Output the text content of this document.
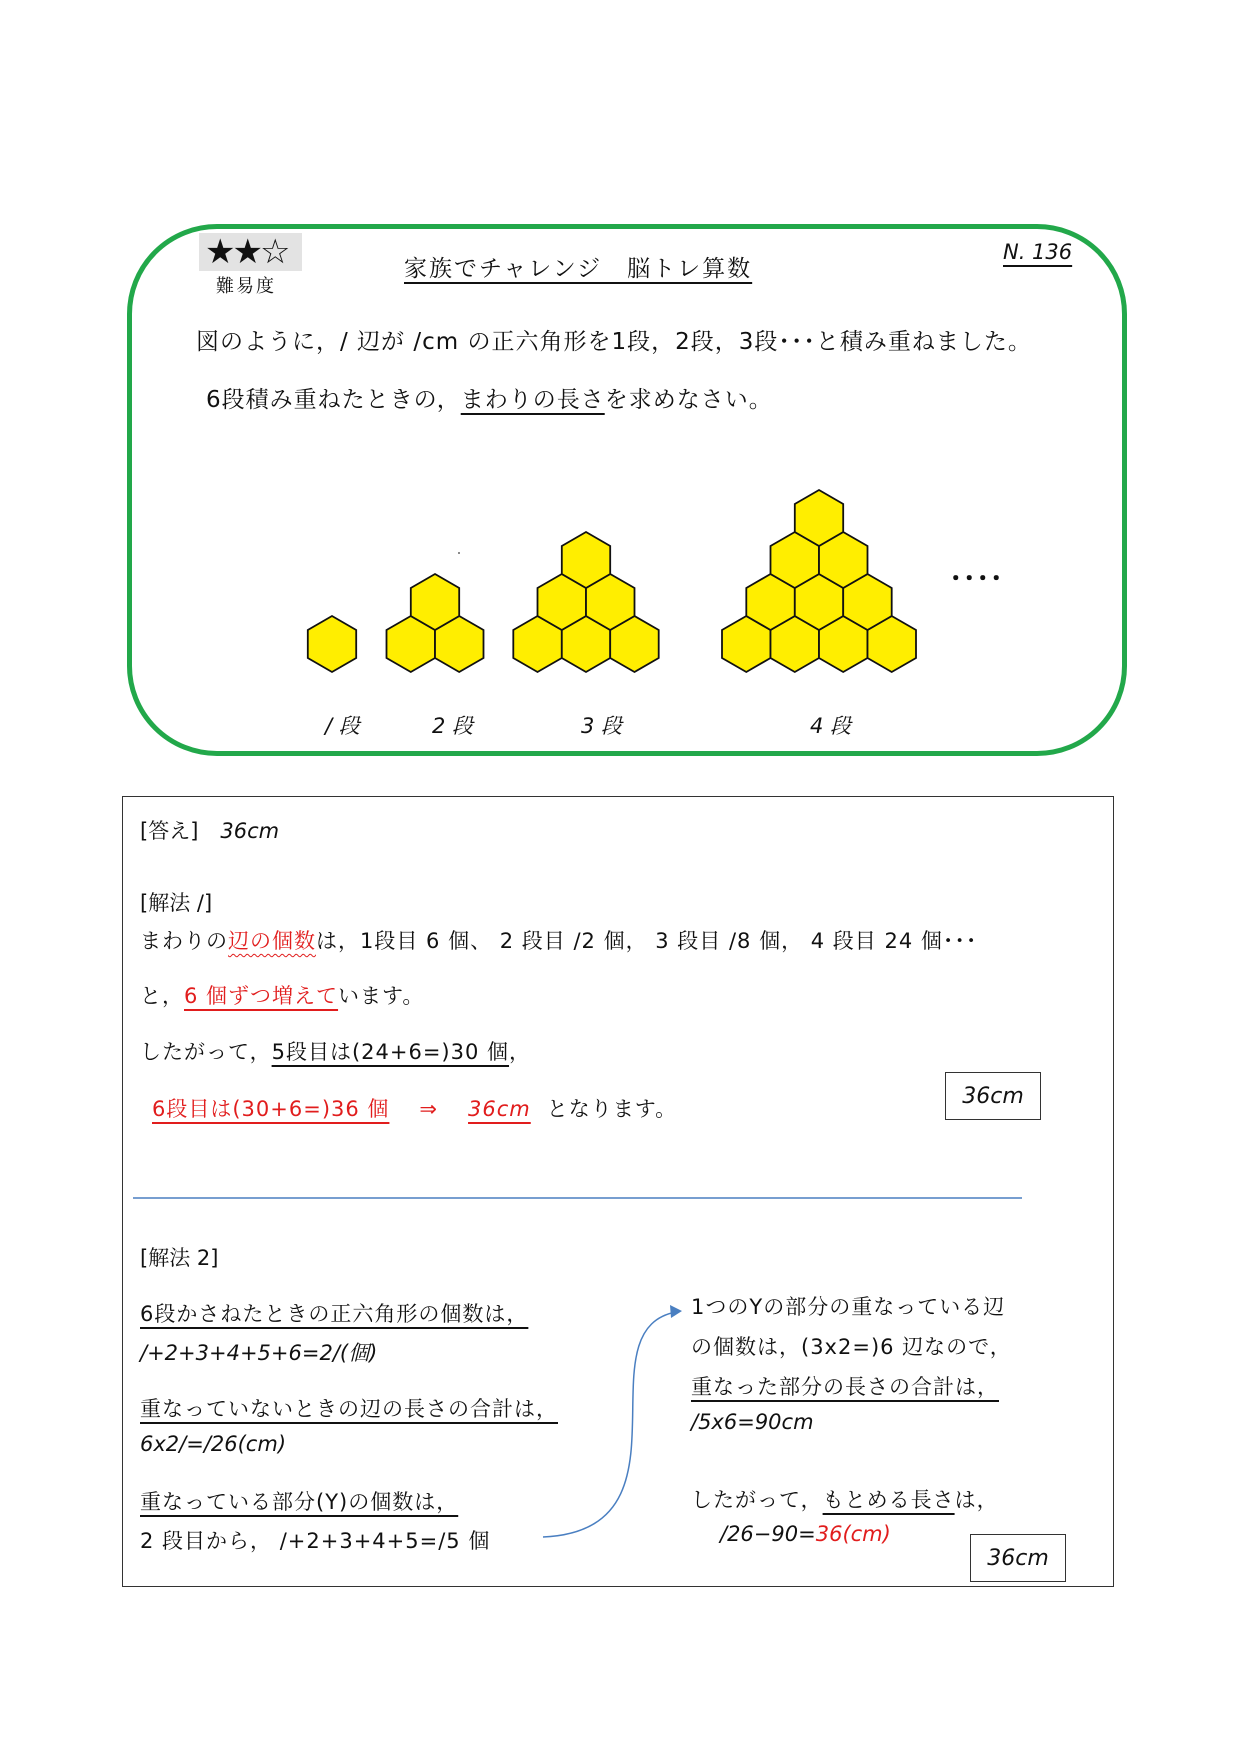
★★☆
難易度
家族でチャレンジ　脳トレ算数
N. 136
図のように，/ 辺が /cm の正六角形を1段，2段，3段･･･と積み重ねました。
6段積み重ねたときの，まわりの長さを求めなさい。
････
/ 段	2 段	3 段	4 段
[答え] 36cm
[解法 /]
まわりの辺の個数は，1段目 6 個、 2 段目 /2 個， 3 段目 /8 個， 4 段目 24 個･･･
と，6 個ずつ増えています。
したがって，5段目は(24+6=)30 個，
6段目は(30+6=)36 個 ⇒ 36cm となります。
36cm
[解法 2]
6段かさねたときの正六角形の個数は，
/+2+3+4+5+6=2/(個)
重なっていないときの辺の長さの合計は，
6x2/=/26(cm)
重なっている部分(Y)の個数は，
2 段目から， /+2+3+4+5=/5 個
1つのYの部分の重なっている辺
の個数は，(3x2=)6 辺なので，
重なった部分の長さの合計は，
/5x6=90cm
したがって，もとめる長さは，
/26−90=36(cm)
36cm
